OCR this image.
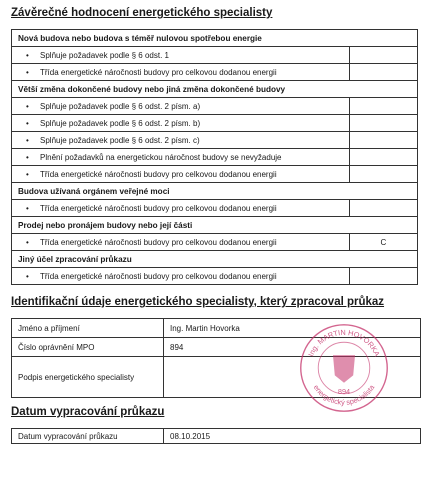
Závěrečné hodnocení energetického specialisty
Nová budova nebo budova s téměř nulovou spotřebou energie	
• Splňuje požadavek podle § 6 odst. 1	
• Třída energetické náročnosti budovy pro celkovou dodanou energii	
Větší změna dokončené budovy nebo jiná změna dokončené budovy	
• Splňuje požadavek podle § 6 odst. 2 písm. a)	
• Splňuje požadavek podle § 6 odst. 2 písm. b)	
• Splňuje požadavek podle § 6 odst. 2 písm. c)	
• Plnění požadavků na energetickou náročnost budovy se nevyžaduje	
• Třída energetické náročnosti budovy pro celkovou dodanou energii	
Budova užívaná orgánem veřejné moci	
• Třída energetické náročnosti budovy pro celkovou dodanou energii	
Prodej nebo pronájem budovy nebo její části	
• Třída energetické náročnosti budovy pro celkovou dodanou energii	C
Jiný účel zpracování průkazu	
• Třída energetické náročnosti budovy pro celkovou dodanou energii	
Identifikační údaje energetického specialisty, který zpracoval průkaz
Jméno a příjmení	Ing. Martin Hovorka
Číslo oprávnění MPO	894
Podpis energetického specialisty	
Ing. MARTIN HOVORKA
energetický specialista
894
Datum vypracování průkazu
Datum vypracování průkazu	08.10.2015
